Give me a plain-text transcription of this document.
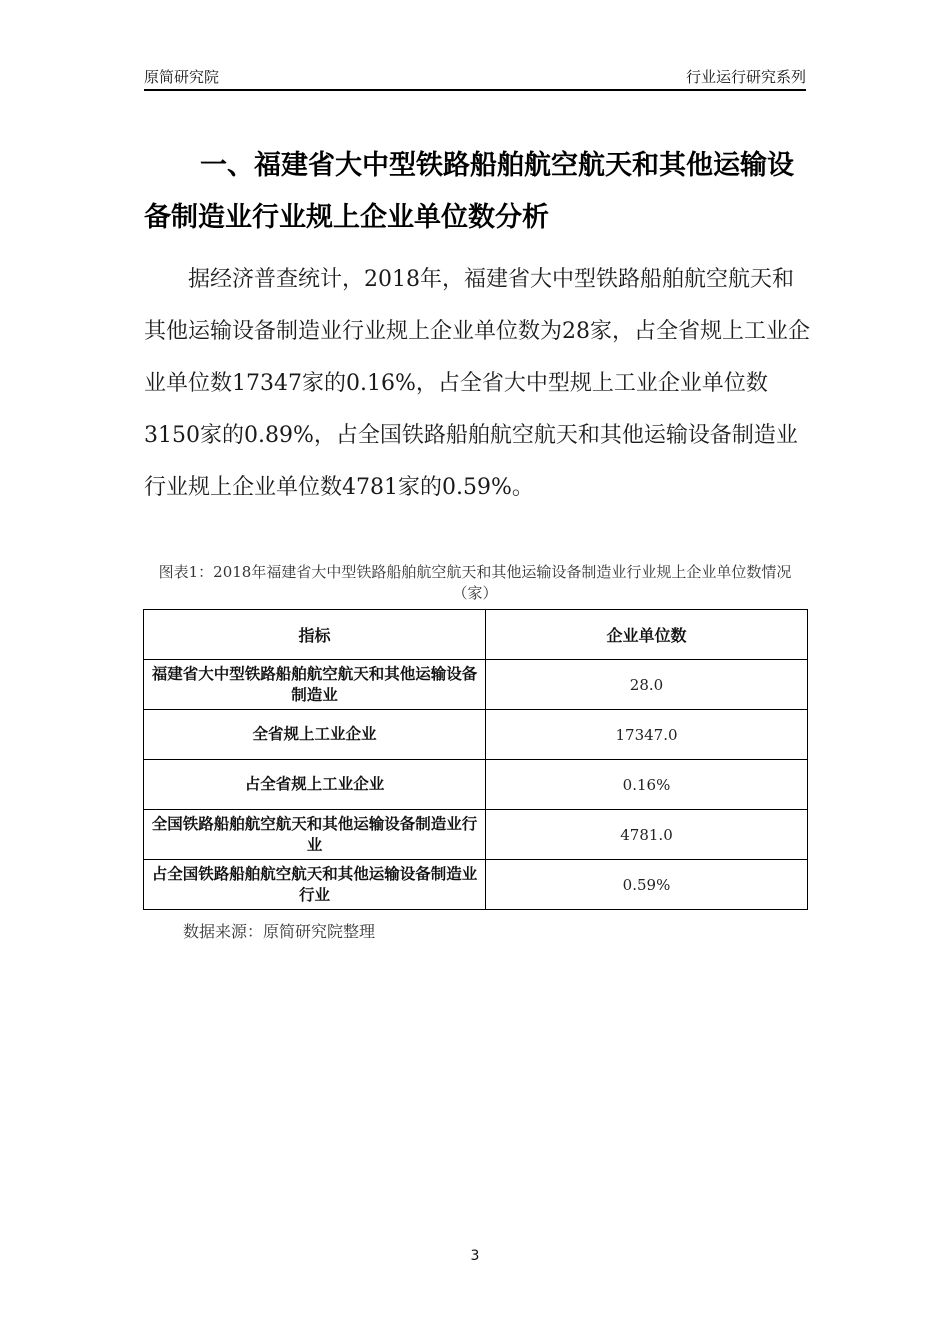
原简研究院	行业运行研究系列
一、福建省大中型铁路船舶航空航天和其他运输设备制造业行业规上企业单位数分析
据经济普查统计，2018年，福建省大中型铁路船舶航空航天和其他运输设备制造业行业规上企业单位数为28家，占全省规上工业企业单位数17347家的0.16%，占全省大中型规上工业企业单位数3150家的0.89%，占全国铁路船舶航空航天和其他运输设备制造业行业规上企业单位数4781家的0.59%。
图表1：2018年福建省大中型铁路船舶航空航天和其他运输设备制造业行业规上企业单位数情况（家）
指标	企业单位数
福建省大中型铁路船舶航空航天和其他运输设备制造业	28.0
全省规上工业企业	17347.0
占全省规上工业企业	0.16%
全国铁路船舶航空航天和其他运输设备制造业行业	4781.0
占全国铁路船舶航空航天和其他运输设备制造业行业	0.59%
数据来源：原简研究院整理
3
